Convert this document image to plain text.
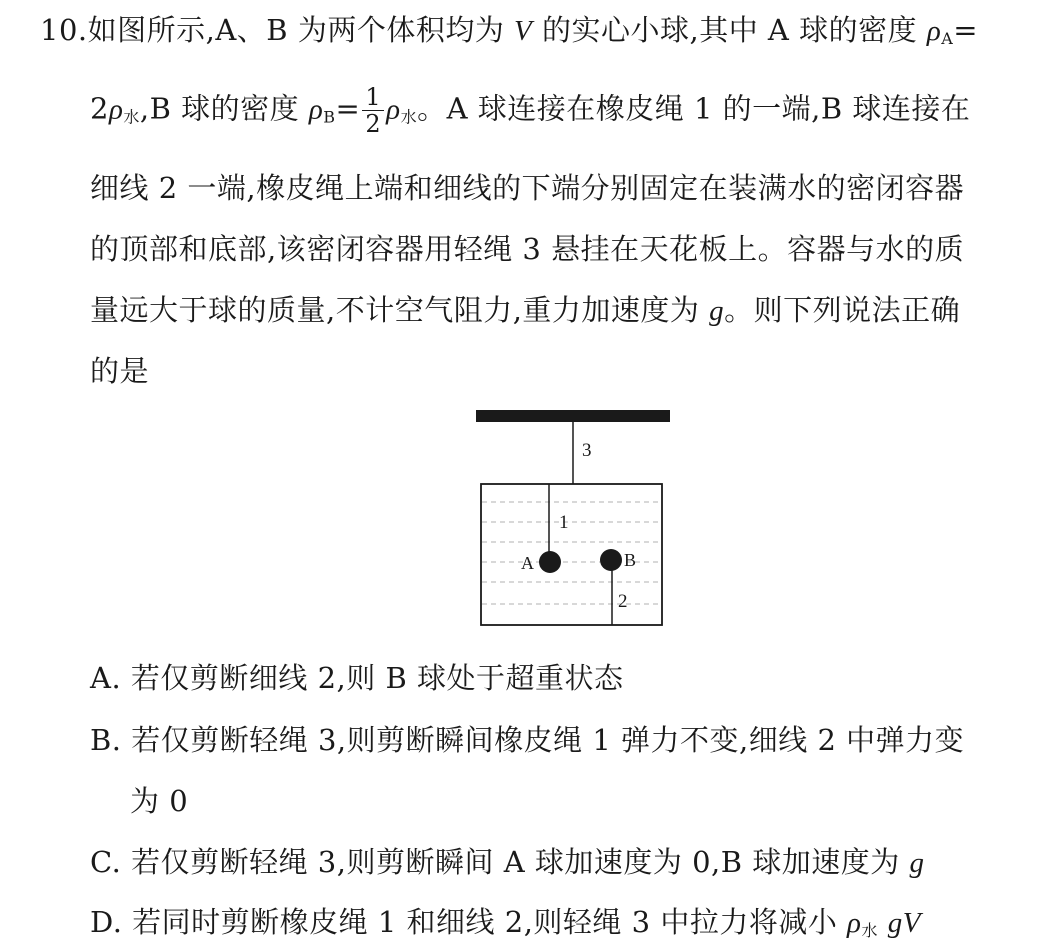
10.如图所示,A、B 为两个体积均为 V 的实心小球,其中 A 球的密度 $\rho_A=$
$2\rho_水,B$ 球的密度 $\rho_B= \frac{1}{2} \rho_水$。A 球连接在橡皮绳 1 的一端,B 球连接在
细线 2 一端,橡皮绳上端和细线的下端分别固定在装满水的密闭容器
的顶部和底部,该密闭容器用轻绳 3 悬挂在天花板上。容器与水的质
量远大于球的质量,不计空气阻力,重力加速度为 g。则下列说法正确
的是
3
1
A	B
2
A. 若仅剪断细线 2,则 B 球处于超重状态
B. 若仅剪断轻绳 3,则剪断瞬间橡皮绳 1 弹力不变,细线 2 中弹力变
为 0
C. 若仅剪断轻绳 3,则剪断瞬间 A 球加速度为 0,B 球加速度为 g
D. 若同时剪断橡皮绳 1 和细线 2,则轻绳 3 中拉力将减小 $\rho_水$ gV
